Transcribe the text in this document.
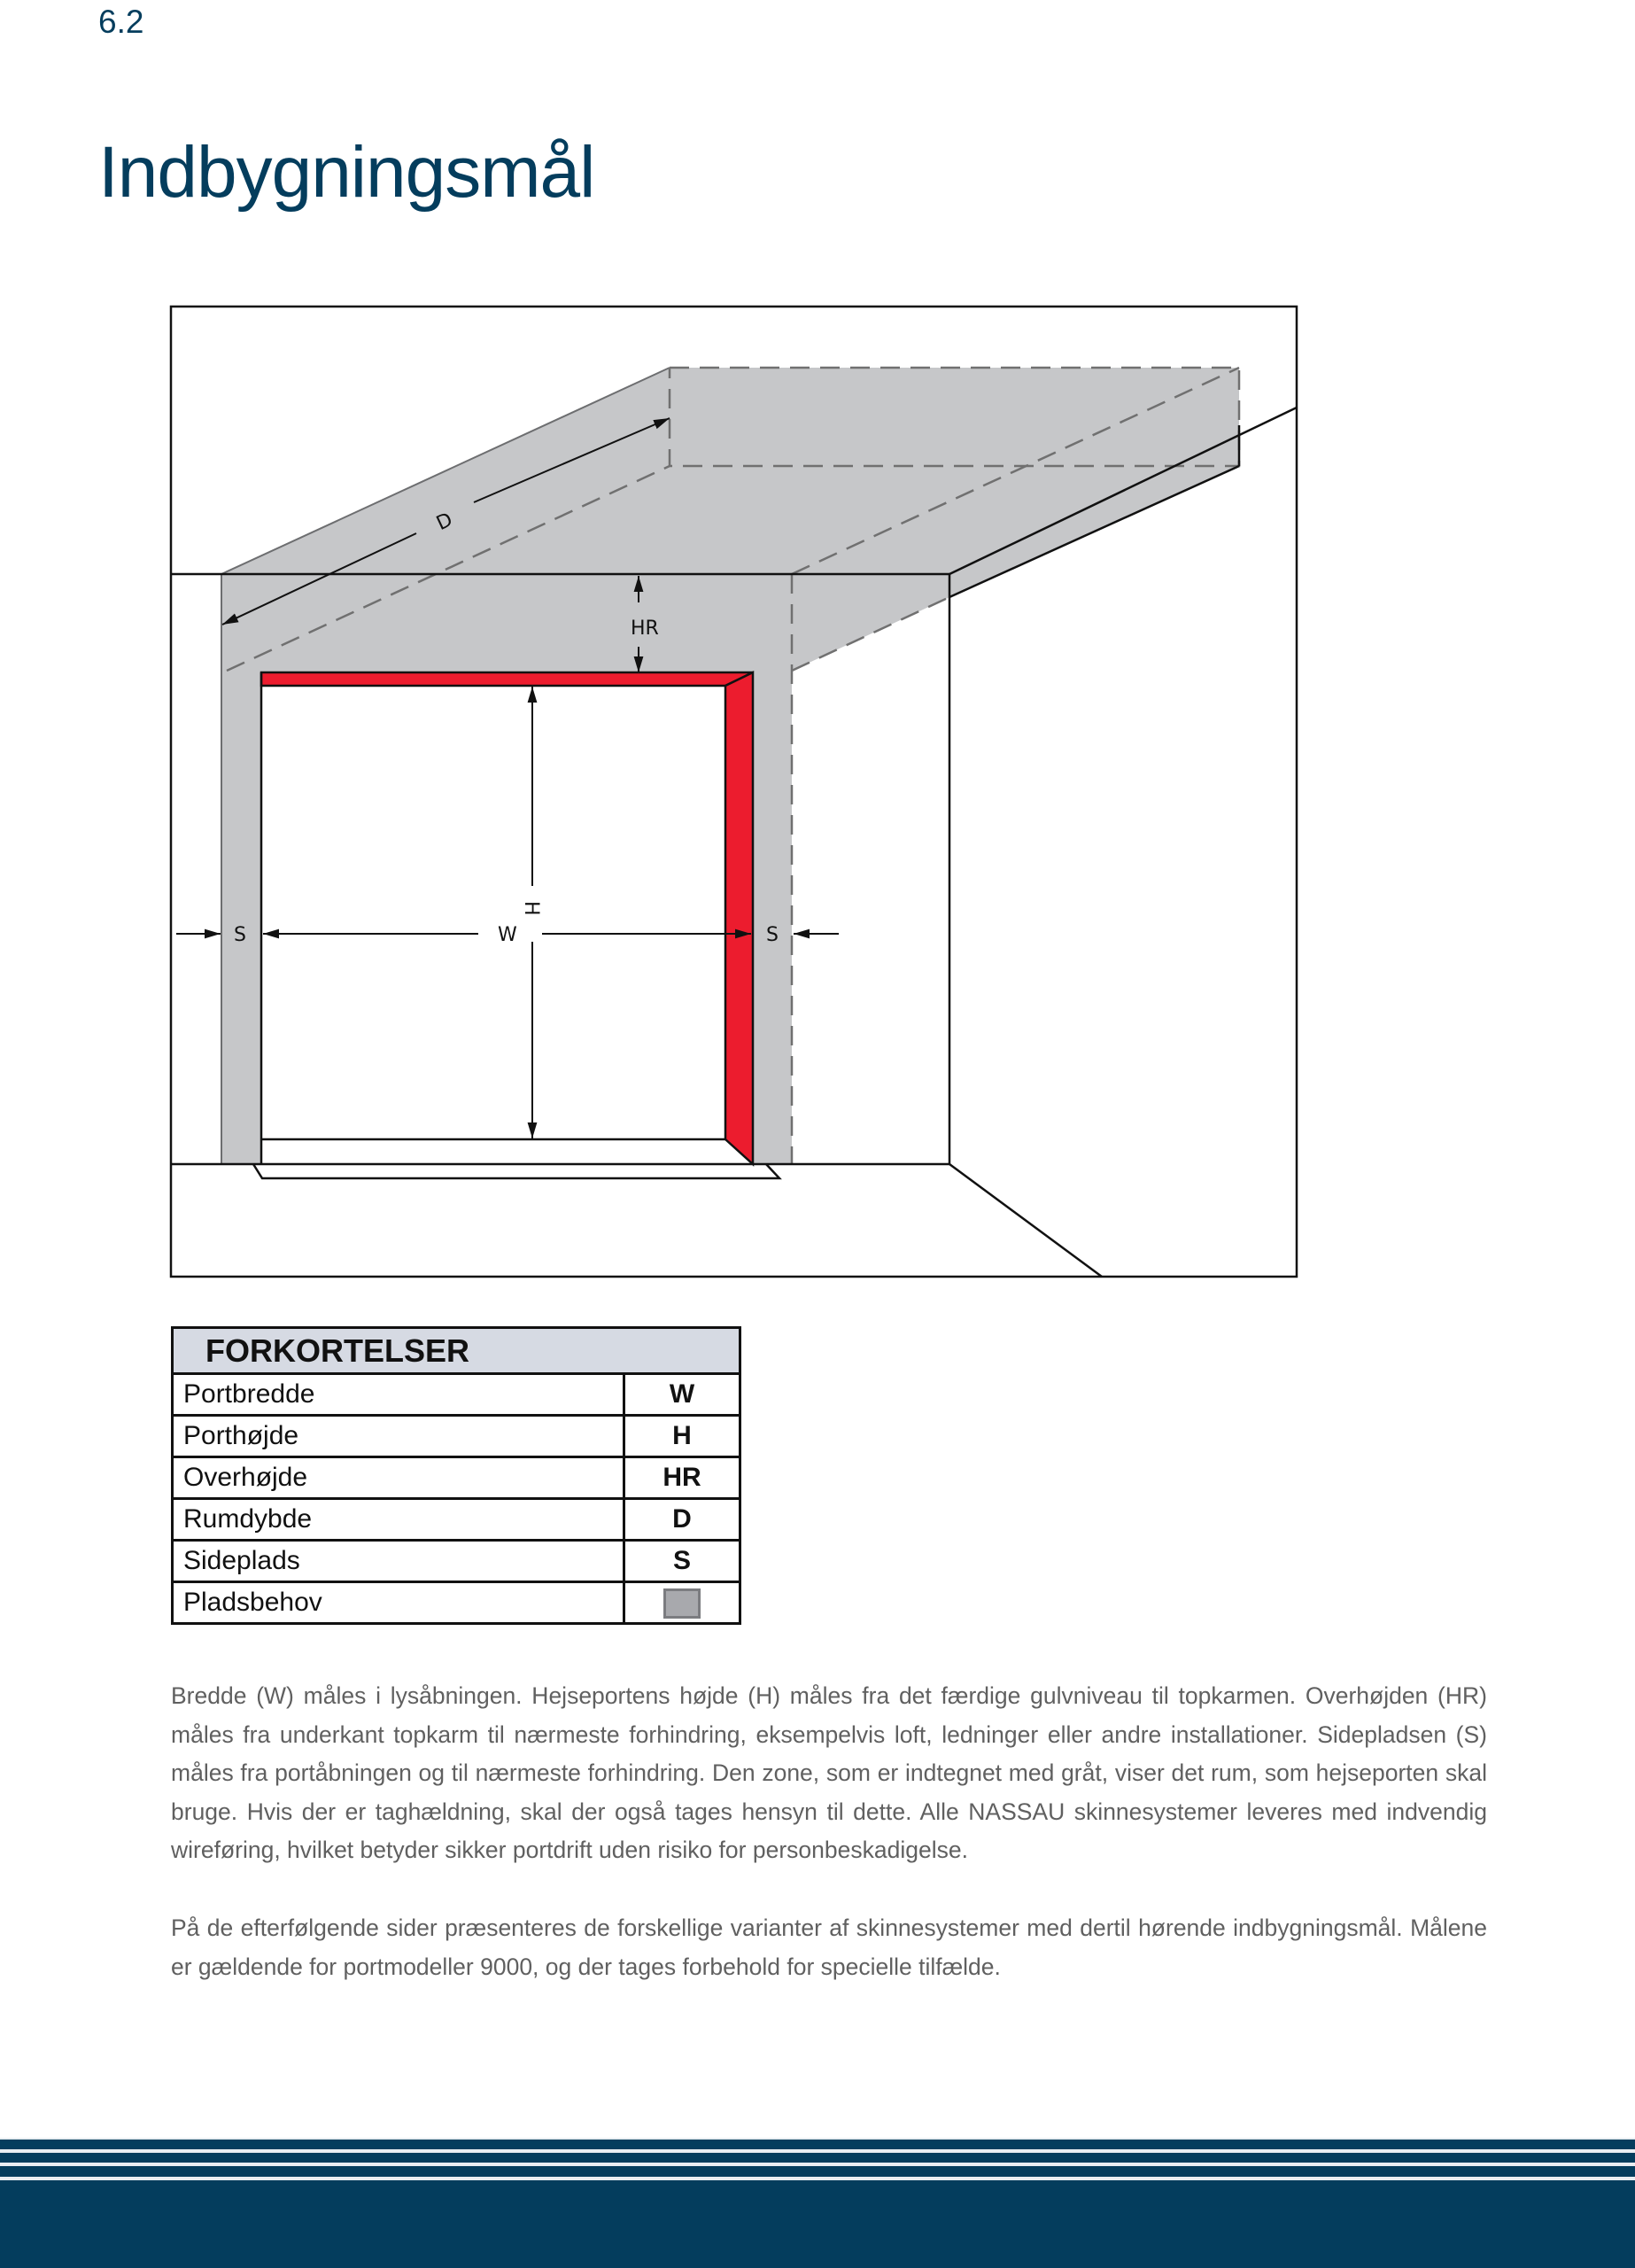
6.2
Indbygningsmål
D
HR
H
W
S	S
FORKORTELSER	
Portbredde	W
Porthøjde	H
Overhøjde	HR
Rumdybde	D
Sideplads	S
Pladsbehov	

Bredde (W) måles i lysåbningen. Hejseportens højde (H) måles fra det færdige gulvniveau til topkarmen. Overhøjden (HR) måles fra underkant topkarm til nærmeste forhindring, eksempelvis loft, ledninger eller andre installationer. Sidepladsen (S) måles fra portåbningen og til nærmeste forhindring. Den zone, som er indtegnet med gråt, viser det rum, som hejseporten skal bruge. Hvis der er taghældning, skal der også tages hensyn til dette. Alle NASSAU skinnesystemer leveres med indvendig wireføring, hvilket betyder sikker portdrift uden risiko for personbeskadigelse.

På de efterfølgende sider præsenteres de forskellige varianter af skinnesystemer med dertil hørende indbygningsmål. Målene er gældende for portmodeller 9000, og der tages forbehold for specielle tilfælde.
